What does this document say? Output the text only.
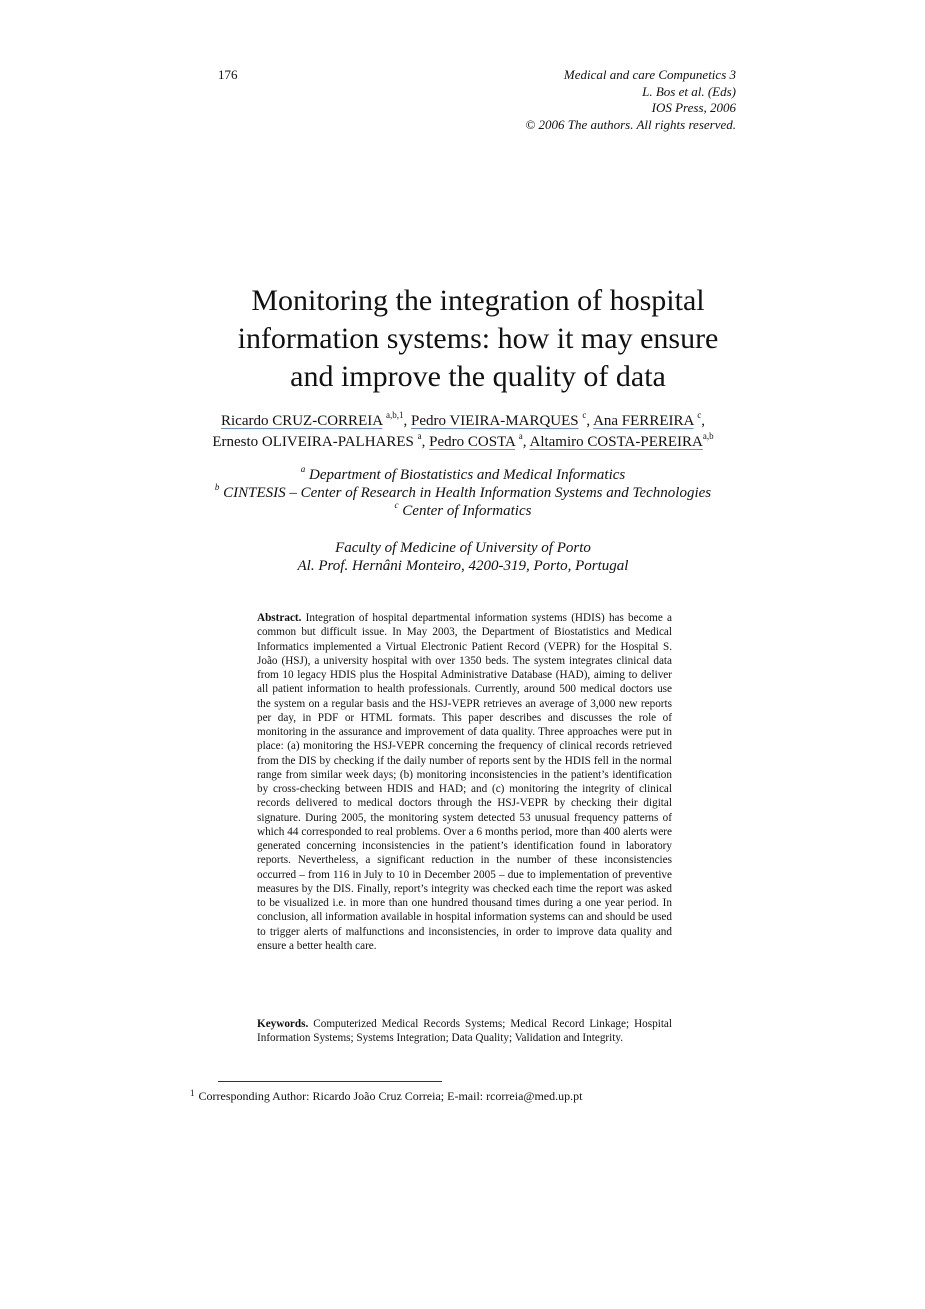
176	Medical and care Compunetics 3
L. Bos et al. (Eds)
IOS Press, 2006
© 2006 The authors. All rights reserved.
Monitoring the integration of hospital
information systems: how it may ensure
and improve the quality of data
Ricardo CRUZ-CORREIA $^{a,b,1}$, Pedro VIEIRA-MARQUES $^c$, Ana FERREIRA $^c$,
Ernesto OLIVEIRA-PALHARES $^a$, Pedro COSTA $^a$, Altamiro COSTA-PEREIRA$^{a,b}$
$^a$ Department of Biostatistics and Medical Informatics
$^b$ CINTESIS – Center of Research in Health Information Systems and Technologies
$^c$ Center of Informatics
Faculty of Medicine of University of Porto
Al. Prof. Hernâni Monteiro, 4200-319, Porto, Portugal

Abstract. Integration of hospital departmental information systems (HDIS) has become a common but difficult issue. In May 2003, the Department of Biostatistics and Medical Informatics implemented a Virtual Electronic Patient Record (VEPR) for the Hospital S. João (HSJ), a university hospital with over 1350 beds. The system integrates clinical data from 10 legacy HDIS plus the Hospital Administrative Database (HAD), aiming to deliver all patient information to health professionals. Currently, around 500 medical doctors use the system on a regular basis and the HSJ-VEPR retrieves an average of 3,000 new reports per day, in PDF or HTML formats. This paper describes and discusses the role of monitoring in the assurance and improvement of data quality. Three approaches were put in place: (a) monitoring the HSJ-VEPR concerning the frequency of clinical records retrieved from the DIS by checking if the daily number of reports sent by the HDIS fell in the normal range from similar week days; (b) monitoring inconsistencies in the patient’s identification by cross-checking between HDIS and HAD; and (c) monitoring the integrity of clinical records delivered to medical doctors through the HSJ-VEPR by checking their digital signature. During 2005, the monitoring system detected 53 unusual frequency patterns of which 44 corresponded to real problems. Over a 6 months period, more than 400 alerts were generated concerning inconsistencies in the patient’s identification found in laboratory reports. Nevertheless, a significant reduction in the number of these inconsistencies occurred – from 116 in July to 10 in December 2005 – due to implementation of preventive measures by the DIS. Finally, report’s integrity was checked each time the report was asked to be visualized i.e. in more than one hundred thousand times during a one year period. In conclusion, all information available in hospital information systems can and should be used to trigger alerts of malfunctions and inconsistencies, in order to improve data quality and ensure a better health care.

Keywords. Computerized Medical Records Systems; Medical Record Linkage; Hospital Information Systems; Systems Integration; Data Quality; Validation and Integrity.

$^1$ Corresponding Author: Ricardo João Cruz Correia; E-mail: rcorreia@med.up.pt
